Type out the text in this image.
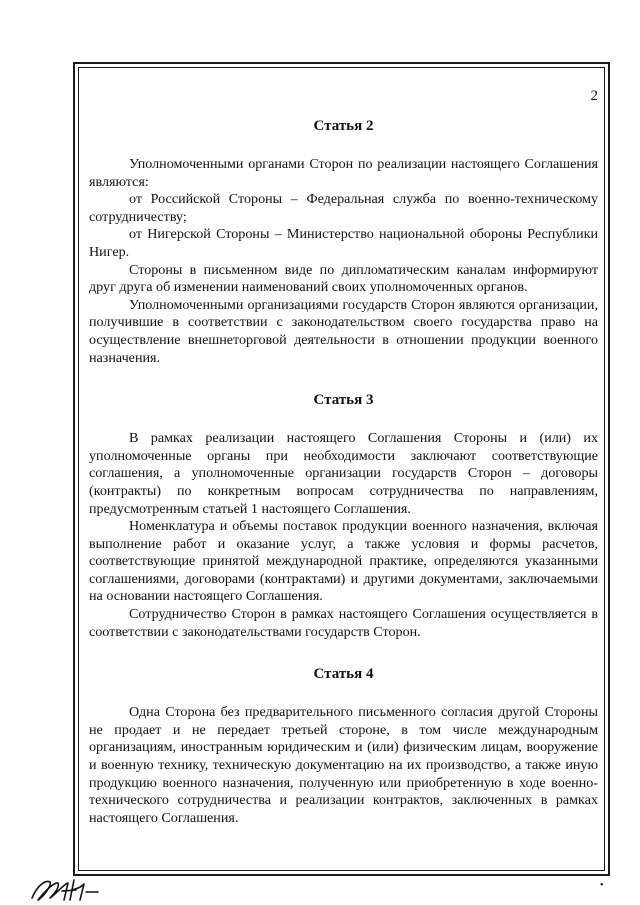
2
Статья 2

Уполномоченными органами Сторон по реализации настоящего Соглашения являются:

от Российской Стороны – Федеральная служба по военно-техническому сотрудничеству;

от Нигерской Стороны – Министерство национальной обороны Республики Нигер.

Стороны в письменном виде по дипломатическим каналам информируют друг друга об изменении наименований своих уполномоченных органов.

Уполномоченными организациями государств Сторон являются организации, получившие в соответствии с законодательством своего государства право на осуществление внешнеторговой деятельности в отношении продукции военного назначения.

Статья 3

В рамках реализации настоящего Соглашения Стороны и (или) их уполномоченные органы при необходимости заключают соответствующие соглашения, а уполномоченные организации государств Сторон – договоры (контракты) по конкретным вопросам сотрудничества по направлениям, предусмотренным статьей 1 настоящего Соглашения.

Номенклатура и объемы поставок продукции военного назначения, включая выполнение работ и оказание услуг, а также условия и формы расчетов, соответствующие принятой международной практике, определяются указанными соглашениями, договорами (контрактами) и другими документами, заключаемыми на основании настоящего Соглашения.

Сотрудничество Сторон в рамках настоящего Соглашения осуществляется в соответствии с законодательствами государств Сторон.

Статья 4

Одна Сторона без предварительного письменного согласия другой Стороны не продает и не передает третьей стороне, в том числе международным организациям, иностранным юридическим и (или) физическим лицам, вооружение и военную технику, техническую документацию на их производство, а также иную продукцию военного назначения, полученную или приобретенную в ходе военно-технического сотрудничества и реализации контрактов, заключенных в рамках настоящего Соглашения.

•
